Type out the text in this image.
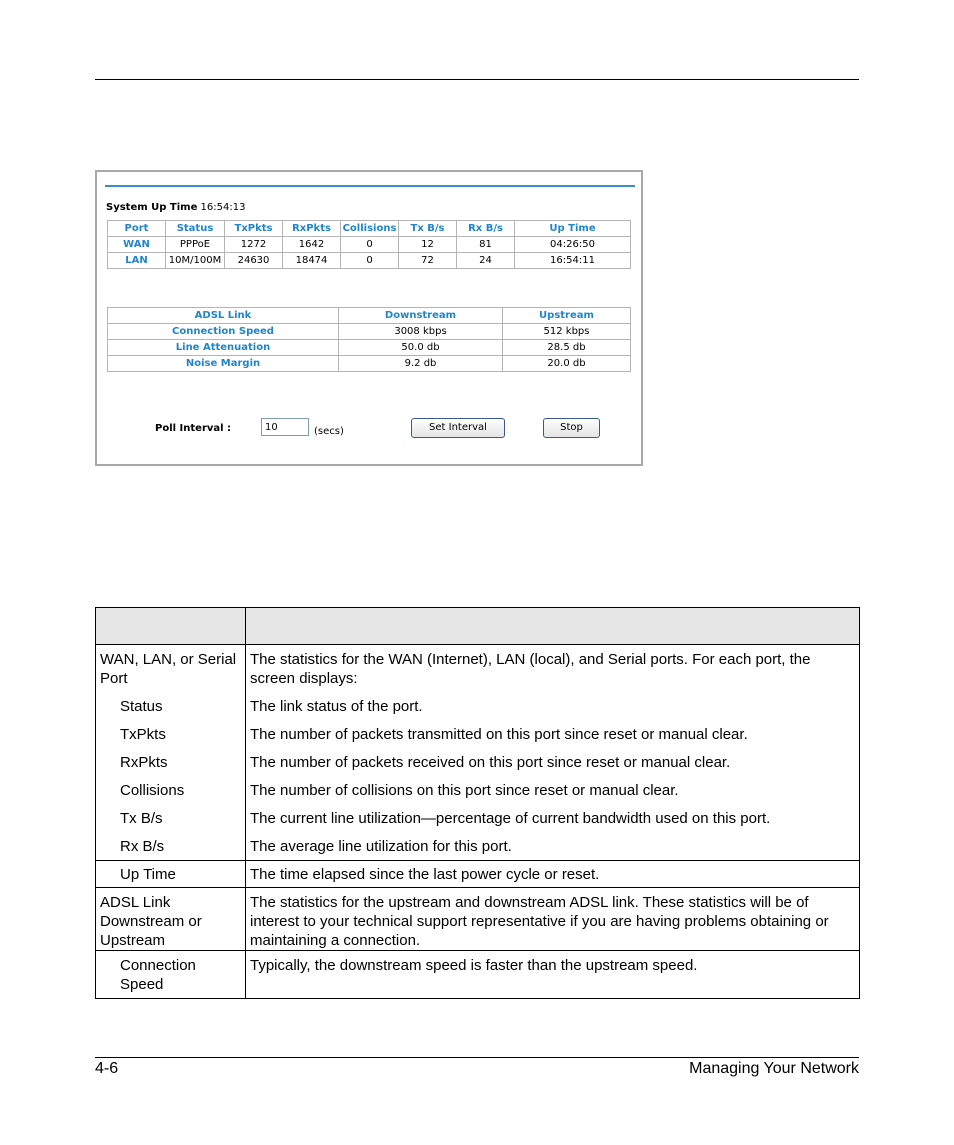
System Up Time 16:54:13
Port	Status	TxPkts	RxPkts	Collisions	Tx B/s	Rx B/s	Up Time
WAN	PPPoE	1272	1642	0	12	81	04:26:50
LAN	10M/100M	24630	18474	0	72	24	16:54:11
ADSL Link	Downstream	Upstream
Connection Speed	3008 kbps	512 kbps
Line Attenuation	50.0 db	28.5 db
Noise Margin	9.2 db	20.0 db
Poll Interval :
10	(secs)	Set Interval	Stop

WAN, LAN, or Serial Port	The statistics for the WAN (Internet), LAN (local), and Serial ports. For each port, the screen displays:
Status	The link status of the port.
TxPkts	The number of packets transmitted on this port since reset or manual clear.
RxPkts	The number of packets received on this port since reset or manual clear.
Collisions	The number of collisions on this port since reset or manual clear.
Tx B/s	The current line utilization—percentage of current bandwidth used on this port.
Rx B/s	The average line utilization for this port.
Up Time	The time elapsed since the last power cycle or reset.
ADSL Link Downstream or Upstream	The statistics for the upstream and downstream ADSL link. These statistics will be of interest to your technical support representative if you are having problems obtaining or maintaining a connection.
Connection Speed	Typically, the downstream speed is faster than the upstream speed.
4-6	Managing Your Network
